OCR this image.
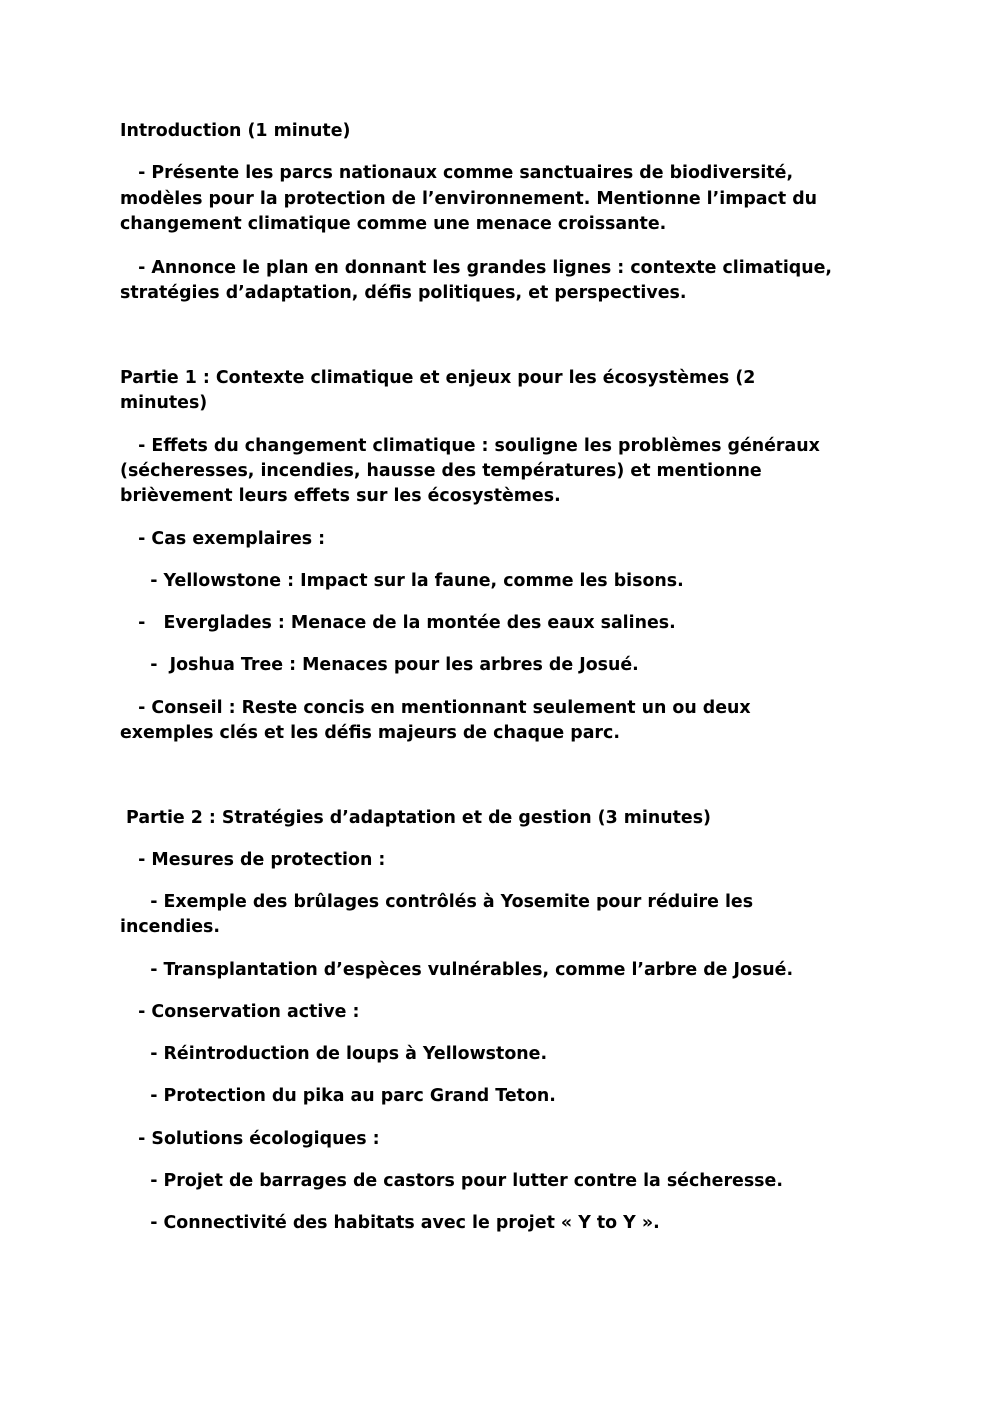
Introduction (1 minute)

- Présente les parcs nationaux comme sanctuaires de biodiversité,

modèles pour la protection de l’environnement. Mentionne l’impact du

changement climatique comme une menace croissante.

- Annonce le plan en donnant les grandes lignes : contexte climatique,

stratégies d’adaptation, défis politiques, et perspectives.

Partie 1 : Contexte climatique et enjeux pour les écosystèmes (2

minutes)

- Effets du changement climatique : souligne les problèmes généraux

(sécheresses, incendies, hausse des températures) et mentionne

brièvement leurs effets sur les écosystèmes.

- Cas exemplaires :

- Yellowstone : Impact sur la faune, comme les bisons.

-   Everglades : Menace de la montée des eaux salines.

-  Joshua Tree : Menaces pour les arbres de Josué.

- Conseil : Reste concis en mentionnant seulement un ou deux

exemples clés et les défis majeurs de chaque parc.

Partie 2 : Stratégies d’adaptation et de gestion (3 minutes)

- Mesures de protection :

- Exemple des brûlages contrôlés à Yosemite pour réduire les

incendies.

- Transplantation d’espèces vulnérables, comme l’arbre de Josué.

- Conservation active :

- Réintroduction de loups à Yellowstone.

- Protection du pika au parc Grand Teton.

- Solutions écologiques :

- Projet de barrages de castors pour lutter contre la sécheresse.

- Connectivité des habitats avec le projet « Y to Y ».
